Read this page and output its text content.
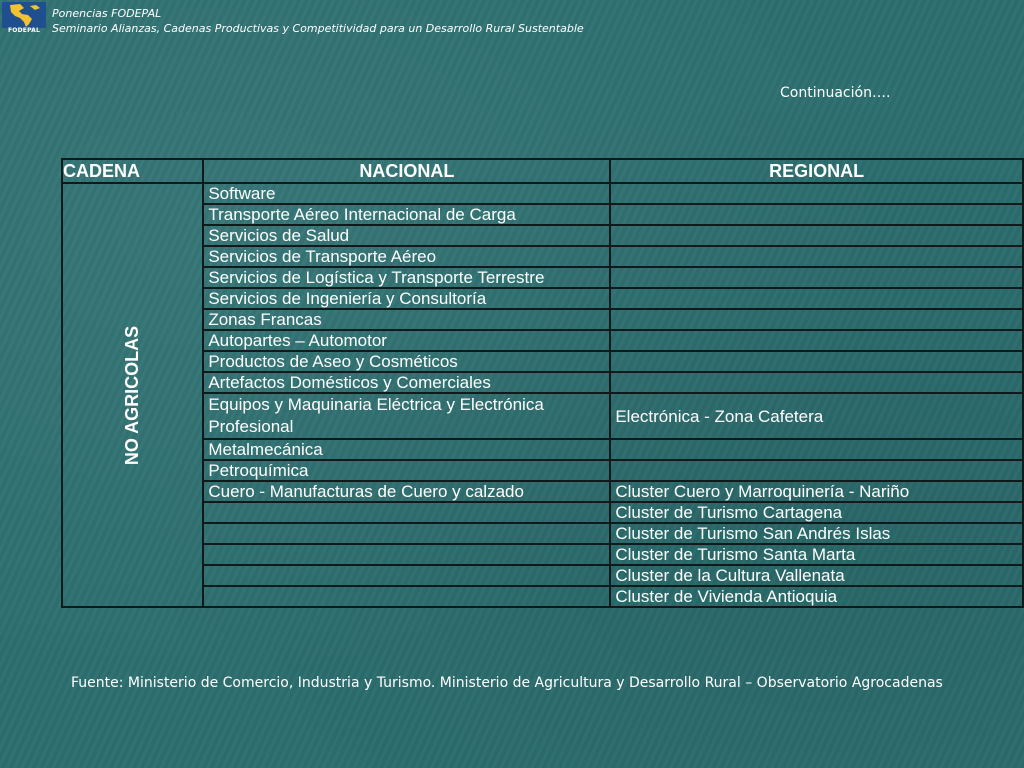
FODEPAL
Ponencias FODEPAL
Seminario Alianzas, Cadenas Productivas y Competitividad para un Desarrollo Rural Sustentable
Continuación….
CADENA	NACIONAL	REGIONAL
NO AGRICOLAS	Software	
	Transporte Aéreo Internacional de Carga	
	Servicios de Salud	
	Servicios de Transporte Aéreo	
	Servicios de Logística y Transporte Terrestre	
	Servicios de Ingeniería y Consultoría	
	Zonas Francas	
	Autopartes – Automotor	
	Productos de Aseo y Cosméticos	
	Artefactos Domésticos y Comerciales	
	Equipos y Maquinaria Eléctrica y Electrónica Profesional	Electrónica - Zona Cafetera
	Metalmecánica	
	Petroquímica	
	Cuero - Manufacturas de Cuero y calzado	Cluster Cuero y Marroquinería - Nariño
		Cluster de Turismo Cartagena
		Cluster de Turismo San Andrés Islas
		Cluster de Turismo Santa Marta
		Cluster de la Cultura Vallenata
		Cluster de Vivienda Antioquia
Fuente: Ministerio de Comercio, Industria y Turismo. Ministerio de Agricultura y Desarrollo Rural – Observatorio Agrocadenas
